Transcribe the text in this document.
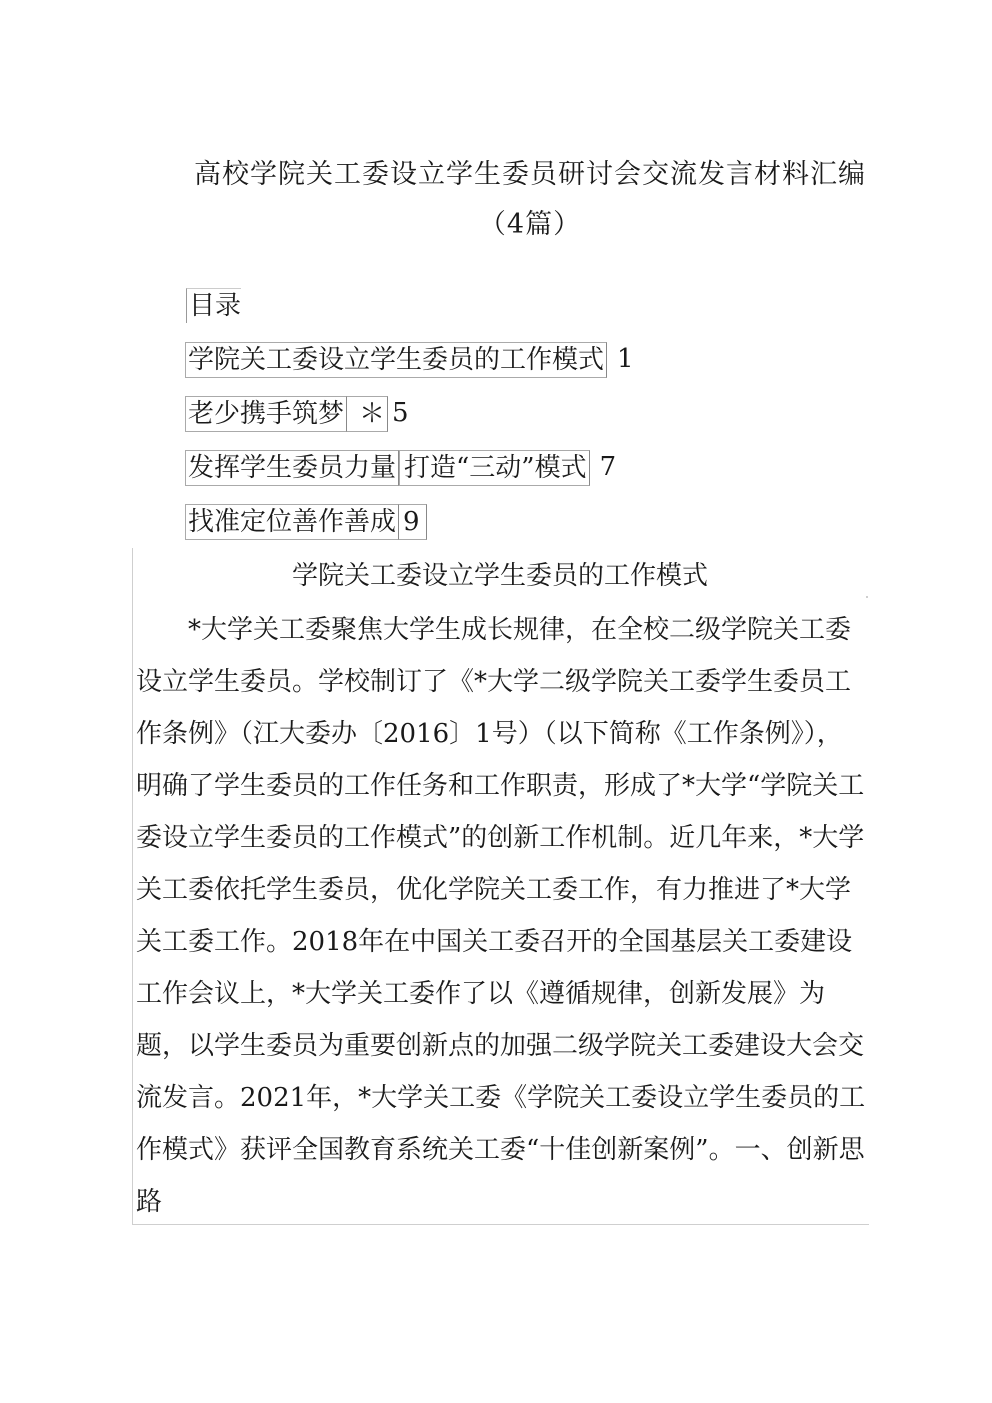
高校学院关工委设立学生委员研讨会交流发言材料汇编（4篇）
目录
学院关工委设立学生委员的工作模式 1
老少携手筑梦 ＊ 5
发挥学生委员力量 打造“三动”模式 7
找准定位善作善成 9
学院关工委设立学生委员的工作模式

*大学关工委聚焦大学生成长规律，在全校二级学院关工委设立学生委员。学校制订了《*大学二级学院关工委学生委员工作条例》（江大委办〔2016〕1号）（以下简称《工作条例》），明确了学生委员的工作任务和工作职责，形成了*大学“学院关工委设立学生委员的工作模式”的创新工作机制。近几年来，*大学关工委依托学生委员，优化学院关工委工作，有力推进了*大学关工委工作。2018年在中国关工委召开的全国基层关工委建设工作会议上，*大学关工委作了以《遵循规律，创新发展》为题，以学生委员为重要创新点的加强二级学院关工委建设大会交流发言。2021年，*大学关工委《学院关工委设立学生委员的工作模式》获评全国教育系统关工委“十佳创新案例”。一、创新思路
